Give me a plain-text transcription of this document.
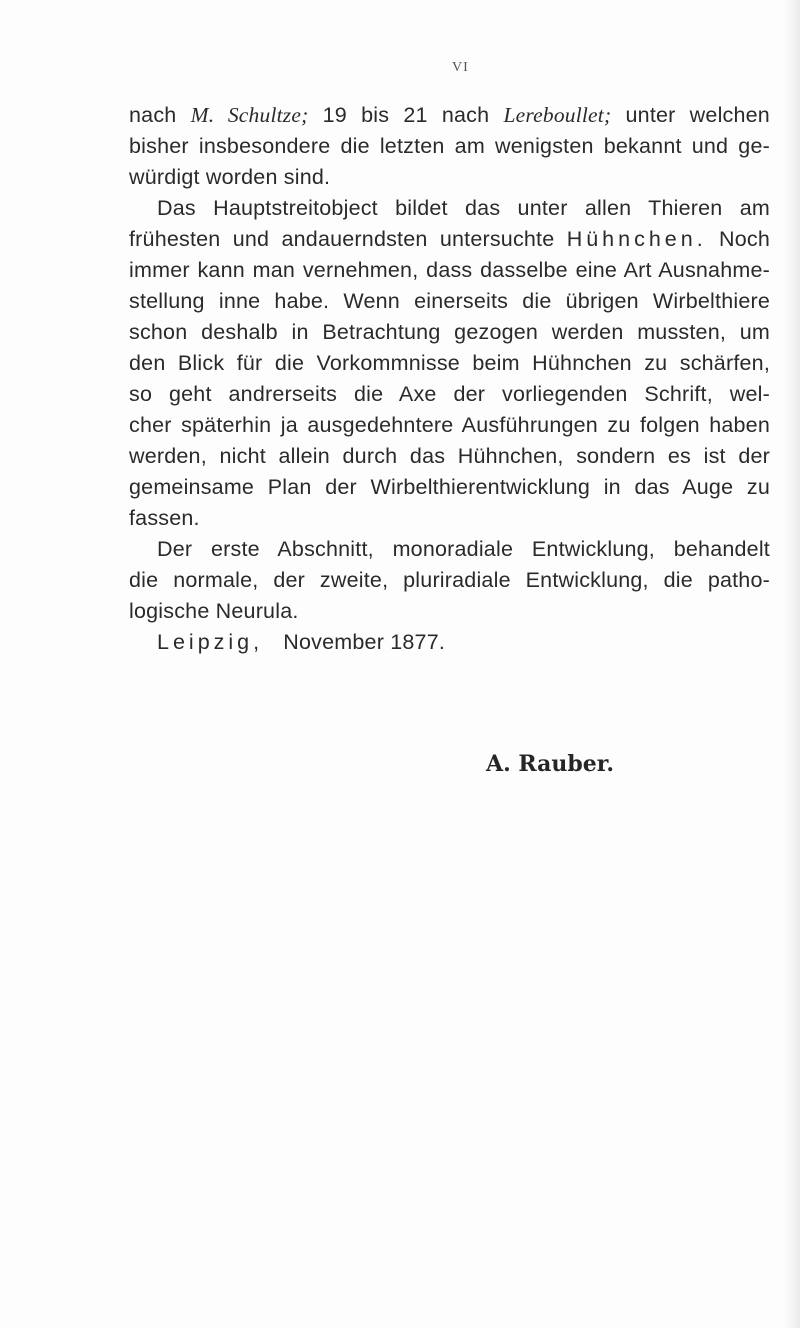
VI
nach M. Schultze; 19 bis 21 nach Lereboullet; unter welchen
bisher insbesondere die letzten am wenigsten bekannt und ge-
würdigt worden sind.
Das Hauptstreitobject bildet das unter allen Thieren am
frühesten und andauerndsten untersuchte Hühnchen. Noch
immer kann man vernehmen, dass dasselbe eine Art Ausnahme-
stellung inne habe. Wenn einerseits die übrigen Wirbelthiere
schon deshalb in Betrachtung gezogen werden mussten, um
den Blick für die Vorkommnisse beim Hühnchen zu schärfen,
so geht andrerseits die Axe der vorliegenden Schrift, wel-
cher späterhin ja ausgedehntere Ausführungen zu folgen haben
werden, nicht allein durch das Hühnchen, sondern es ist der
gemeinsame Plan der Wirbelthierentwicklung in das Auge zu
fassen.
Der erste Abschnitt, monoradiale Entwicklung, behandelt
die normale, der zweite, pluriradiale Entwicklung, die patho-
logische Neurula.
Leipzig, November 1877.
A. Rauber.
